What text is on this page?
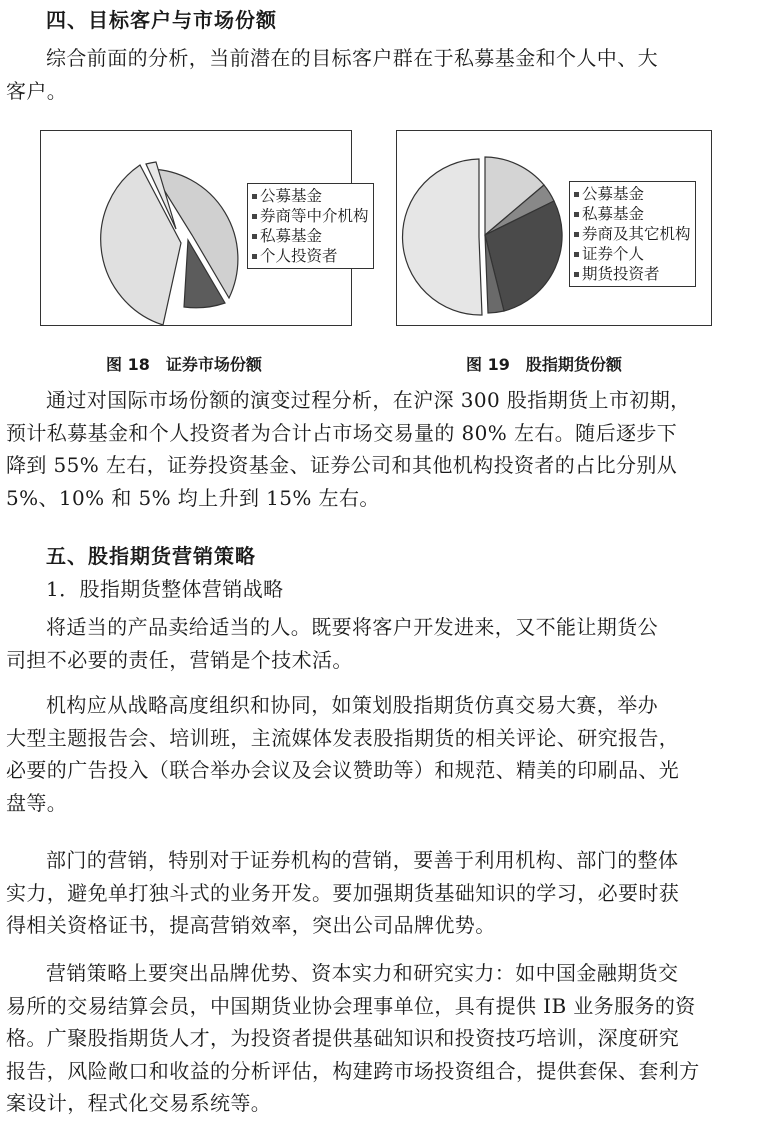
四、目标客户与市场份额
综合前面的分析，当前潜在的目标客户群在于私募基金和个人中、大
客户。
公募基金
券商等中介机构
私募基金
个人投资者
图 18　证券市场份额
公募基金
私募基金
券商及其它机构
证券个人
期货投资者
图 19　股指期货份额
通过对国际市场份额的演变过程分析，在沪深 300 股指期货上市初期，
预计私募基金和个人投资者为合计占市场交易量的 80% 左右。随后逐步下
降到 55% 左右，证券投资基金、证券公司和其他机构投资者的占比分别从
5%、10% 和 5% 均上升到 15% 左右。
五、股指期货营销策略
1．股指期货整体营销战略
将适当的产品卖给适当的人。既要将客户开发进来，又不能让期货公
司担不必要的责任，营销是个技术活。
机构应从战略高度组织和协同，如策划股指期货仿真交易大赛，举办
大型主题报告会、培训班，主流媒体发表股指期货的相关评论、研究报告，
必要的广告投入（联合举办会议及会议赞助等）和规范、精美的印刷品、光
盘等。
部门的营销，特别对于证券机构的营销，要善于利用机构、部门的整体
实力，避免单打独斗式的业务开发。要加强期货基础知识的学习，必要时获
得相关资格证书，提高营销效率，突出公司品牌优势。
营销策略上要突出品牌优势、资本实力和研究实力：如中国金融期货交
易所的交易结算会员，中国期货业协会理事单位，具有提供 IB 业务服务的资
格。广聚股指期货人才，为投资者提供基础知识和投资技巧培训，深度研究
报告，风险敞口和收益的分析评估，构建跨市场投资组合，提供套保、套利方
案设计，程式化交易系统等。
